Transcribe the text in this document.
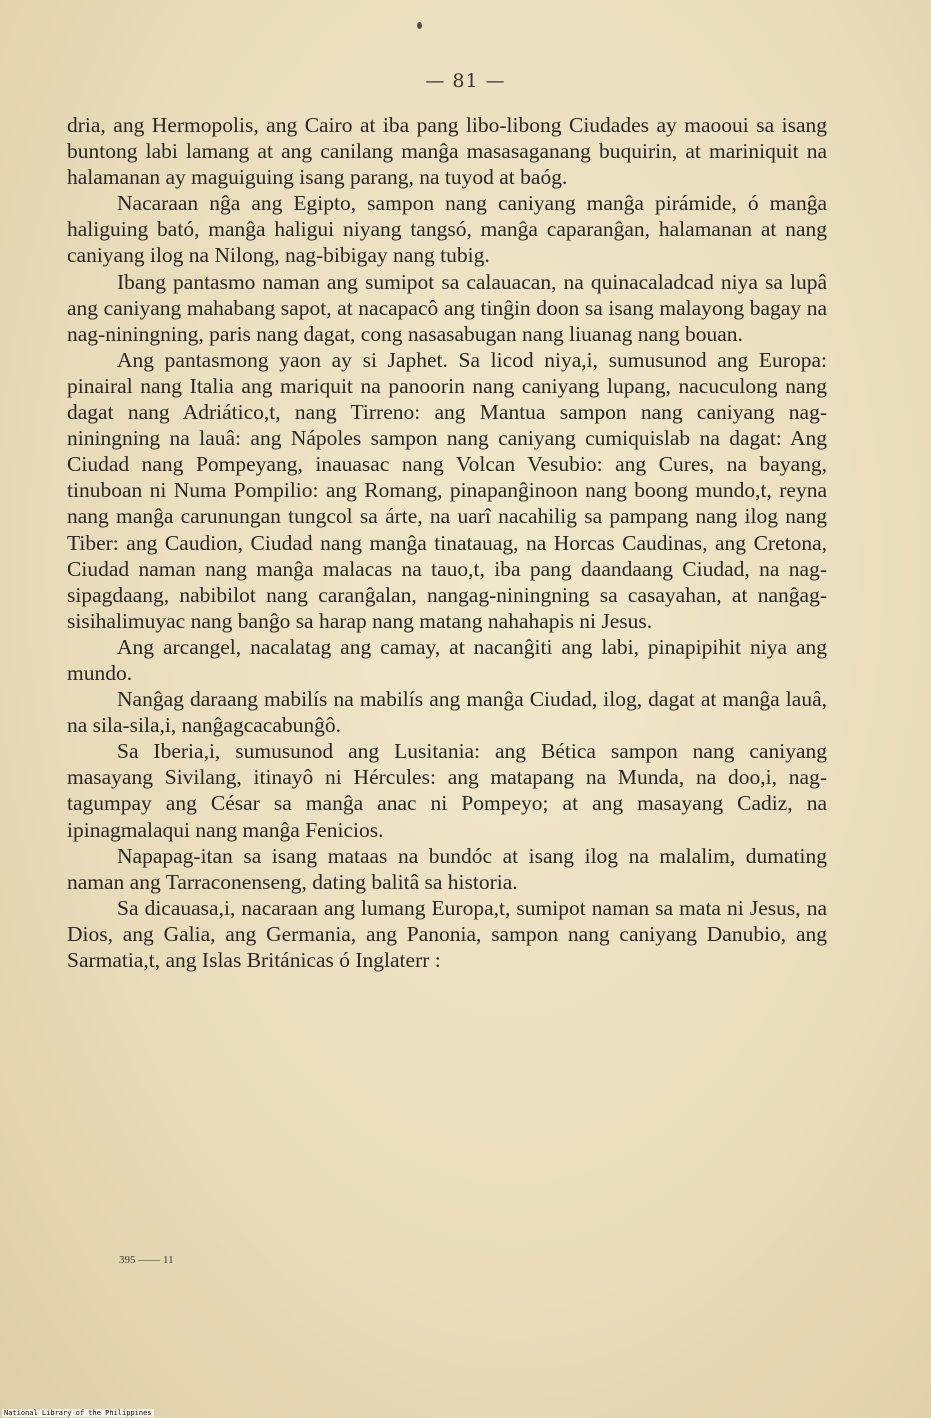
— 81 —

dria, ang Hermopolis, ang Cairo at iba pang libo-libong Ciudades ay maooui sa isang buntong labi lamang at ang canilang manĝa masasaganang buquirin, at mariniquit na halamanan ay maguiguing isang parang, na tuyod at baóg.

Nacaraan nĝa ang Egipto, sampon nang caniyang manĝa pirámide, ó manĝa haliguing bató, manĝa haligui niyang tangsó, manĝa caparanĝan, halamanan at nang caniyang ilog na Nilong, nag-bibigay nang tubig.

Ibang pantasmo naman ang sumipot sa calauacan, na quinacaladcad niya sa lupâ ang caniyang mahabang sapot, at nacapacô ang tinĝin doon sa isang malayong bagay na nag-niningning, paris nang dagat, cong nasasabugan nang liuanag nang bouan.

Ang pantasmong yaon ay si Japhet. Sa licod niya,i, sumusunod ang Europa: pinairal nang Italia ang mariquit na panoorin nang caniyang lupang, nacuculong nang dagat nang Adriático,t, nang Tirreno: ang Mantua sampon nang caniyang nag-niningning na lauâ: ang Nápoles sampon nang caniyang cumiquislab na dagat: Ang Ciudad nang Pompeyang, inauasac nang Volcan Vesubio: ang Cures, na bayang, tinuboan ni Numa Pompilio: ang Romang, pinapanĝinoon nang boong mundo,t, reyna nang manĝa carunungan tungcol sa árte, na uarî nacahilig sa pampang nang ilog nang Tiber: ang Caudion, Ciudad nang manĝa tinatauag, na Horcas Caudinas, ang Cretona, Ciudad naman nang manĝa malacas na tauo,t, iba pang daandaang Ciudad, na nag-sipagdaang, nabibilot nang caranĝalan, nangag-niningning sa casayahan, at nanĝag-sisihalimuyac nang banĝo sa harap nang matang nahahapis ni Jesus.

Ang arcangel, nacalatag ang camay, at nacanĝiti ang labi, pinapipihit niya ang mundo.

Nanĝag daraang mabilís na mabilís ang manĝa Ciudad, ilog, dagat at manĝa lauâ, na sila-sila,i, nanĝagcacabunĝô.

Sa Iberia,i, sumusunod ang Lusitania: ang Bética sampon nang caniyang masayang Sivilang, itinayô ni Hércules: ang matapang na Munda, na doo,i, nag-tagumpay ang César sa manĝa anac ni Pompeyo; at ang masayang Cadiz, na ipinagmalaqui nang manĝa Fenicios.

Napapag-itan sa isang mataas na bundóc at isang ilog na malalim, dumating naman ang Tarraconenseng, dating balitâ sa historia.

Sa dicauasa,i, nacaraan ang lumang Europa,t, sumipot naman sa mata ni Jesus, na Dios, ang Galia, ang Germania, ang Panonia, sampon nang caniyang Danubio, ang Sarmatia,t, ang Islas Británicas ó Inglaterr :

395 —— 11
National Library of the Philippines
